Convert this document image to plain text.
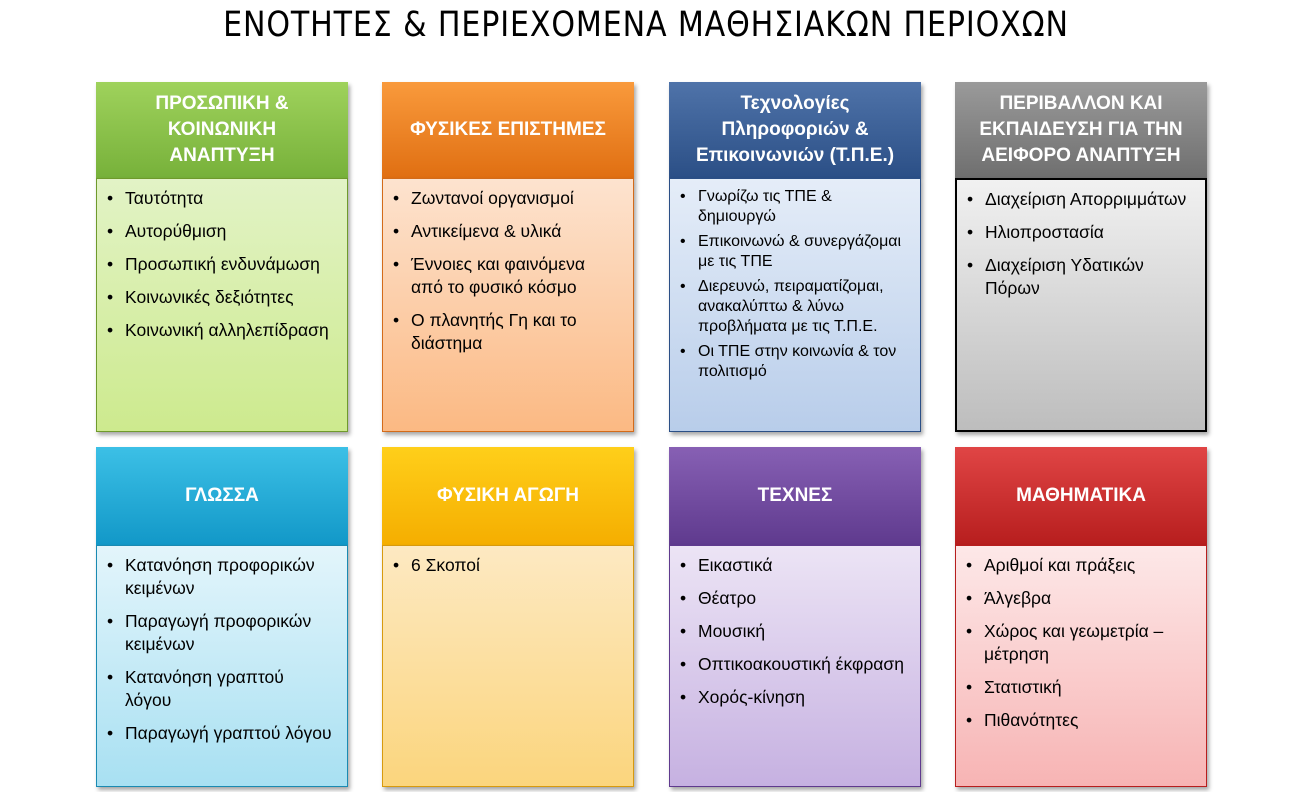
ΕΝΟΤΗΤΕΣ & ΠΕΡΙΕΧΟΜΕΝΑ ΜΑΘΗΣΙΑΚΩΝ ΠΕΡΙΟΧΩΝ
ΠΡΟΣΩΠΙΚΗ &
ΚΟΙΝΩΝΙΚΗ
ΑΝΑΠΤΥΞΗ
• Ταυτότητα
• Αυτορύθμιση
• Προσωπική ενδυνάμωση
• Κοινωνικές δεξιότητες
• Κοινωνική αλληλεπίδραση
ΦΥΣΙΚΕΣ ΕΠΙΣΤΗΜΕΣ
• Ζωντανοί οργανισμοί
• Αντικείμενα & υλικά
• Έννοιες και φαινόμενα από το φυσικό κόσμο
• Ο πλανητής Γη και το διάστημα
Τεχνολογίες
Πληροφοριών &
Επικοινωνιών (Τ.Π.Ε.)
• Γνωρίζω τις ΤΠΕ & δημιουργώ
• Επικοινωνώ & συνεργάζομαι με τις ΤΠΕ
• Διερευνώ, πειραματίζομαι, ανακαλύπτω & λύνω προβλήματα με τις Τ.Π.Ε.
• Οι ΤΠΕ στην κοινωνία & τον πολιτισμό
ΠΕΡΙΒΑΛΛΟΝ ΚΑΙ
ΕΚΠΑΙΔΕΥΣΗ ΓΙΑ ΤΗΝ
ΑΕΙΦΟΡΟ ΑΝΑΠΤΥΞΗ
• Διαχείριση Απορριμμάτων
• Ηλιοπροστασία
• Διαχείριση Υδατικών Πόρων
ΓΛΩΣΣΑ
• Κατανόηση προφορικών κειμένων
• Παραγωγή προφορικών κειμένων
• Κατανόηση γραπτού λόγου
• Παραγωγή γραπτού λόγου
ΦΥΣΙΚΗ ΑΓΩΓΗ
• 6 Σκοποί
ΤΕΧΝΕΣ
• Εικαστικά
• Θέατρο
• Μουσική
• Οπτικοακουστική έκφραση
• Χορός-κίνηση
ΜΑΘΗΜΑΤΙΚΑ
• Αριθμοί και πράξεις
• Άλγεβρα
• Χώρος και γεωμετρία – μέτρηση
• Στατιστική
• Πιθανότητες
